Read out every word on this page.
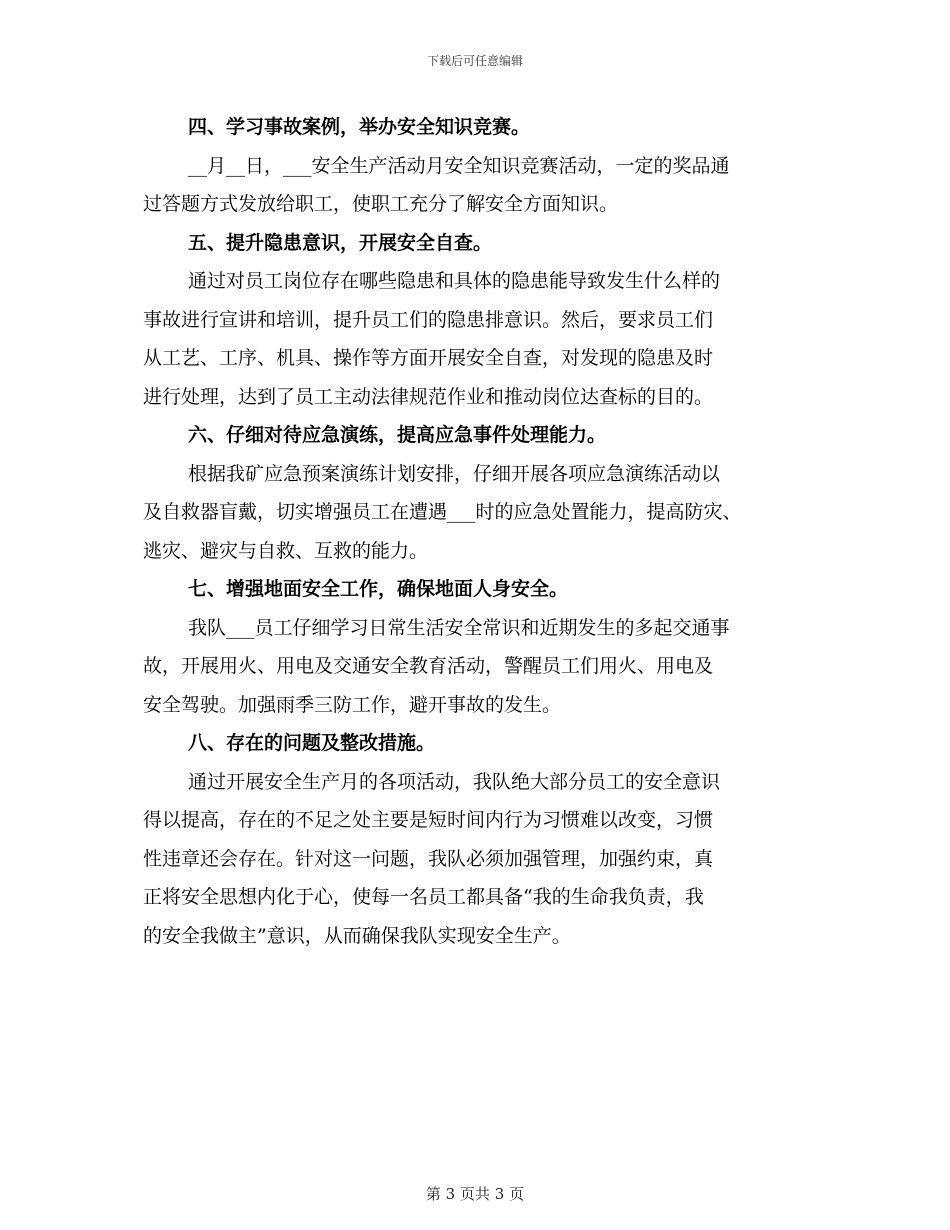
下载后可任意编辑
四、学习事故案例，举办安全知识竞赛。
__月__日，___安全生产活动月安全知识竞赛活动，一定的奖品通
过答题方式发放给职工，使职工充分了解安全方面知识。
五、提升隐患意识，开展安全自查。
通过对员工岗位存在哪些隐患和具体的隐患能导致发生什么样的
事故进行宣讲和培训，提升员工们的隐患排意识。然后，要求员工们
从工艺、工序、机具、操作等方面开展安全自查，对发现的隐患及时
进行处理，达到了员工主动法律规范作业和推动岗位达查标的目的。
六、仔细对待应急演练，提高应急事件处理能力。
根据我矿应急预案演练计划安排，仔细开展各项应急演练活动以
及自救器盲戴，切实增强员工在遭遇___时的应急处置能力，提高防灾、
逃灾、避灾与自救、互救的能力。
七、增强地面安全工作，确保地面人身安全。
我队___员工仔细学习日常生活安全常识和近期发生的多起交通事
故，开展用火、用电及交通安全教育活动，警醒员工们用火、用电及
安全驾驶。加强雨季三防工作，避开事故的发生。
八、存在的问题及整改措施。
通过开展安全生产月的各项活动，我队绝大部分员工的安全意识
得以提高，存在的不足之处主要是短时间内行为习惯难以改变，习惯
性违章还会存在。针对这一问题，我队必须加强管理，加强约束，真
正将安全思想内化于心，使每一名员工都具备“我的生命我负责，我
的安全我做主”意识，从而确保我队实现安全生产。
第 3 页共 3 页
